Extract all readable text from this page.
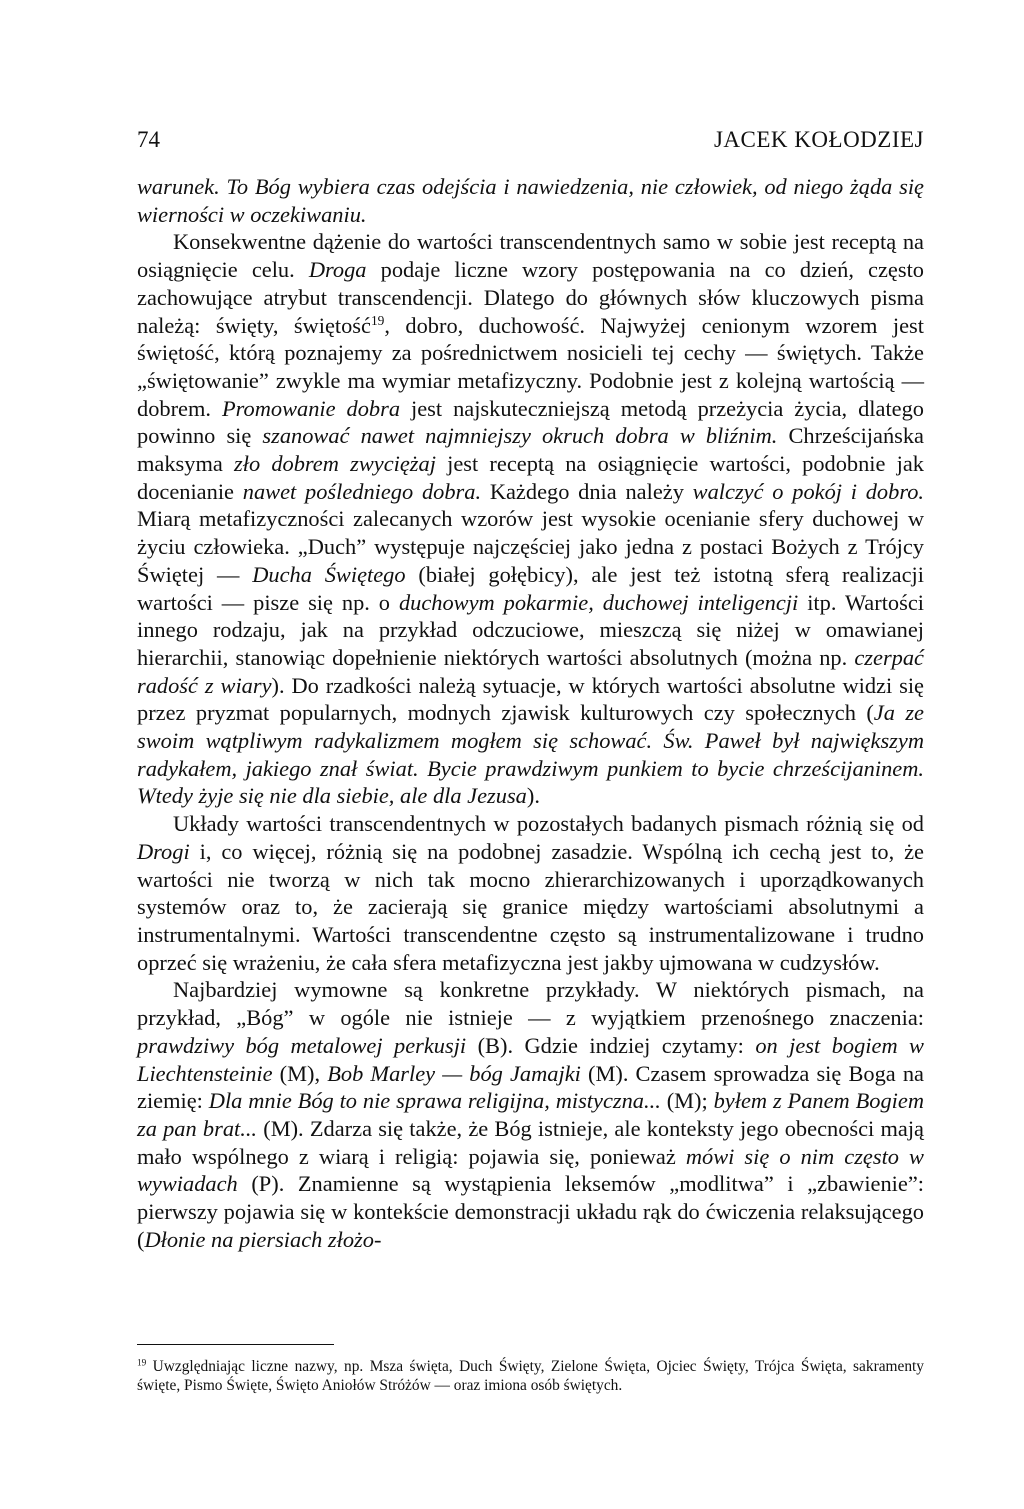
74	JACEK KOŁODZIEJ

warunek. To Bóg wybiera czas odejścia i nawiedzenia, nie człowiek, od niego żąda się wierności w oczekiwaniu.

Konsekwentne dążenie do wartości transcendentnych samo w sobie jest receptą na osiągnięcie celu. Droga podaje liczne wzory postępowania na co dzień, często zachowujące atrybut transcendencji. Dlatego do głównych słów kluczowych pisma należą: święty, świętość$^{19}$, dobro, duchowość. Najwyżej cenionym wzorem jest świętość, którą poznajemy za pośrednictwem nosicieli tej cechy — świętych. Także „świętowanie” zwykle ma wymiar metafizyczny. Podobnie jest z kolejną wartością — dobrem. Promowanie dobra jest najskuteczniejszą metodą przeżycia życia, dlatego powinno się szanować nawet najmniejszy okruch dobra w bliźnim. Chrześcijańska maksyma zło dobrem zwyciężaj jest receptą na osiągnięcie wartości, podobnie jak docenianie nawet pośledniego dobra. Każdego dnia należy walczyć o pokój i dobro. Miarą metafizyczności zalecanych wzorów jest wysokie ocenianie sfery duchowej w życiu człowieka. „Duch” występuje najczęściej jako jedna z postaci Bożych z Trójcy Świętej — Ducha Świętego (białej gołębicy), ale jest też istotną sferą realizacji wartości — pisze się np. o duchowym pokarmie, duchowej inteligencji itp. Wartości innego rodzaju, jak na przykład odczuciowe, mieszczą się niżej w omawianej hierarchii, stanowiąc dopełnienie niektórych wartości absolutnych (można np. czerpać radość z wiary). Do rzadkości należą sytuacje, w których wartości absolutne widzi się przez pryzmat popularnych, modnych zjawisk kulturowych czy społecznych (Ja ze swoim wątpliwym radykalizmem mogłem się schować. Św. Paweł był największym radykałem, jakiego znał świat. Bycie prawdziwym punkiem to bycie chrześcijaninem. Wtedy żyje się nie dla siebie, ale dla Jezusa).

Układy wartości transcendentnych w pozostałych badanych pismach różnią się od Drogi i, co więcej, różnią się na podobnej zasadzie. Wspólną ich cechą jest to, że wartości nie tworzą w nich tak mocno zhierarchizowanych i uporządkowanych systemów oraz to, że zacierają się granice między wartościami absolutnymi a instrumentalnymi. Wartości transcendentne często są instrumentalizowane i trudno oprzeć się wrażeniu, że cała sfera metafizyczna jest jakby ujmowana w cudzysłów.

Najbardziej wymowne są konkretne przykłady. W niektórych pismach, na przykład, „Bóg” w ogóle nie istnieje — z wyjątkiem przenośnego znaczenia: prawdziwy bóg metalowej perkusji (B). Gdzie indziej czytamy: on jest bogiem w Liechtensteinie (M), Bob Marley — bóg Jamajki (M). Czasem sprowadza się Boga na ziemię: Dla mnie Bóg to nie sprawa religijna, mistyczna... (M); byłem z Panem Bogiem za pan brat... (M). Zdarza się także, że Bóg istnieje, ale konteksty jego obecności mają mało wspólnego z wiarą i religią: pojawia się, ponieważ mówi się o nim często w wywiadach (P). Znamienne są wystąpienia leksemów „modlitwa” i „zbawienie”: pierwszy pojawia się w kontekście demonstracji układu rąk do ćwiczenia relaksującego (Dłonie na piersiach złożo-

$^{19}$ Uwzględniając liczne nazwy, np. Msza święta, Duch Święty, Zielone Święta, Ojciec Święty, Trójca Święta, sakramenty święte, Pismo Święte, Święto Aniołów Stróżów — oraz imiona osób świętych.
